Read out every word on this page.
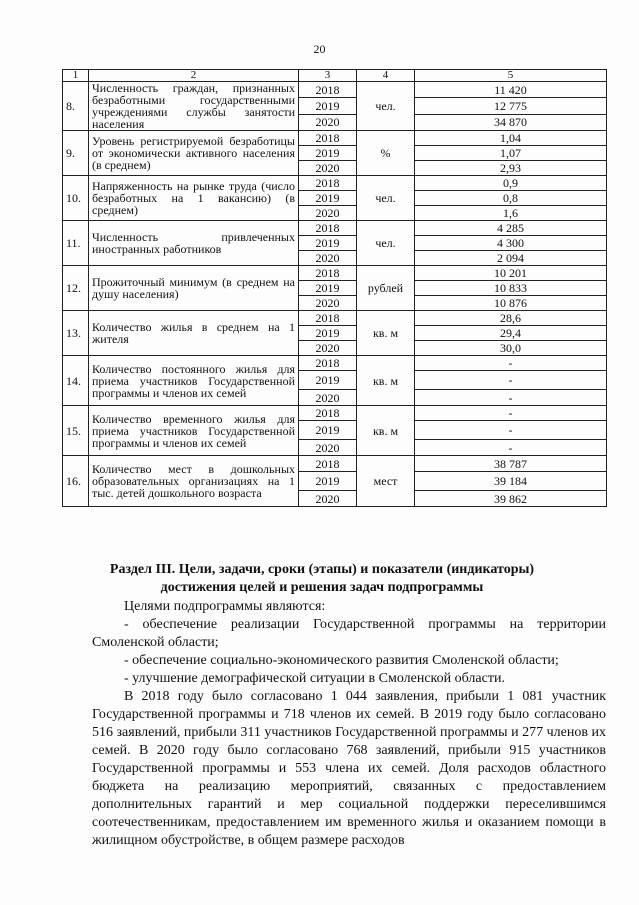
20
1	2	3	4	5
8.	Численность граждан, признанных безработными государственными учреждениями службы занятости населения	2018	чел.	11 420
		2019		12 775
		2020		34 870
9.	Уровень регистрируемой безработицы от экономически активного населения (в среднем)	2018	%	1,04
		2019		1,07
		2020		2,93
10.	Напряженность на рынке труда (число безработных на 1 вакансию) (в среднем)	2018	чел.	0,9
		2019		0,8
		2020		1,6
11.	Численность привлеченных иностранных работников	2018	чел.	4 285
		2019		4 300
		2020		2 094
12.	Прожиточный минимум (в среднем на душу населения)	2018	рублей	10 201
		2019		10 833
		2020		10 876
13.	Количество жилья в среднем на 1 жителя	2018	кв. м	28,6
		2019		29,4
		2020		30,0
14.	Количество постоянного жилья для приема участников Государственной программы и членов их семей	2018	кв. м	-
		2019		-
		2020		-
15.	Количество временного жилья для приема участников Государственной программы и членов их семей	2018	кв. м	-
		2019		-
		2020		-
16.	Количество мест в дошкольных образовательных организациях на 1 тыс. детей дошкольного возраста	2018	мест	38 787
		2019		39 184
		2020		39 862
Раздел III. Цели, задачи, сроки (этапы) и показатели (индикаторы)
достижения целей и решения задач подпрограммы

Целями подпрограммы являются:

- обеспечение реализации Государственной программы на территории Смоленской области;

- обеспечение социально-экономического развития Смоленской области;

- улучшение демографической ситуации в Смоленской области.

В 2018 году было согласовано 1 044 заявления, прибыли 1 081 участник Государственной программы и 718 членов их семей. В 2019 году было согласовано 516 заявлений, прибыли 311 участников Государственной программы и 277 членов их семей. В 2020 году было согласовано 768 заявлений, прибыли 915 участников Государственной программы и 553 члена их семей. Доля расходов областного бюджета на реализацию мероприятий, связанных с предоставлением дополнительных гарантий и мер социальной поддержки переселившимся соотечественникам, предоставлением им временного жилья и оказанием помощи в жилищном обустройстве, в общем размере расходов
